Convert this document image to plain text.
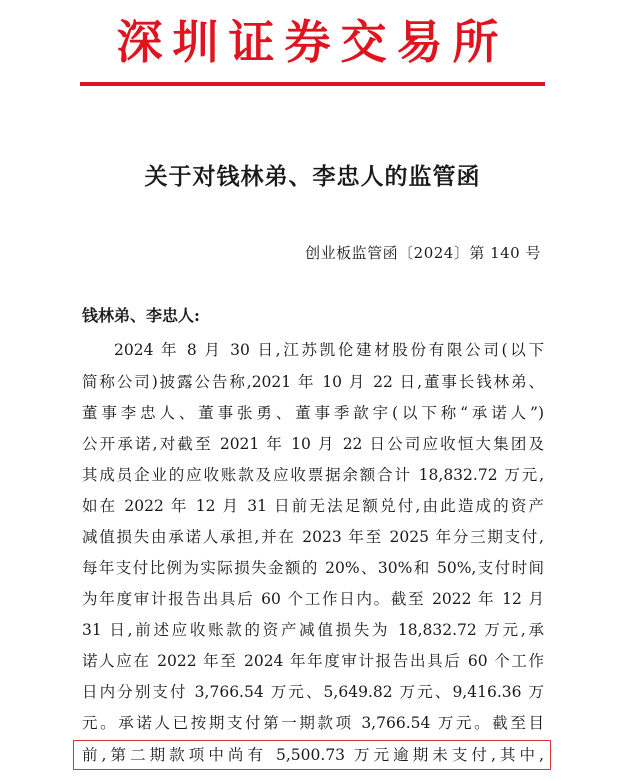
深圳证券交易所
关于对钱林弟、李忠人的监管函
创业板监管函〔2024〕第 140 号
钱林弟、李忠人:
2024 年 8 月 30 日,江苏凯伦建材股份有限公司(以下
简称公司)披露公告称,2021 年 10 月 22 日,董事长钱林弟、
董事李忠人、董事张勇、董事季歆宇(以下称“承诺人”)
公开承诺,对截至 2021 年 10 月 22 日公司应收恒大集团及
其成员企业的应收账款及应收票据余额合计 18,832.72 万元,
如在 2022 年 12 月 31 日前无法足额兑付,由此造成的资产
减值损失由承诺人承担,并在 2023 年至 2025 年分三期支付,
每年支付比例为实际损失金额的 20%、30%和 50%,支付时间
为年度审计报告出具后 60 个工作日内。截至 2022 年 12 月
31 日,前述应收账款的资产减值损失为 18,832.72 万元,承
诺人应在 2022 年至 2024 年年度审计报告出具后 60 个工作
日内分别支付 3,766.54 万元、5,649.82 万元、9,416.36 万
元。承诺人已按期支付第一期款项 3,766.54 万元。截至目
前,第二期款项中尚有 5,500.73 万元逾期未支付,其中,
